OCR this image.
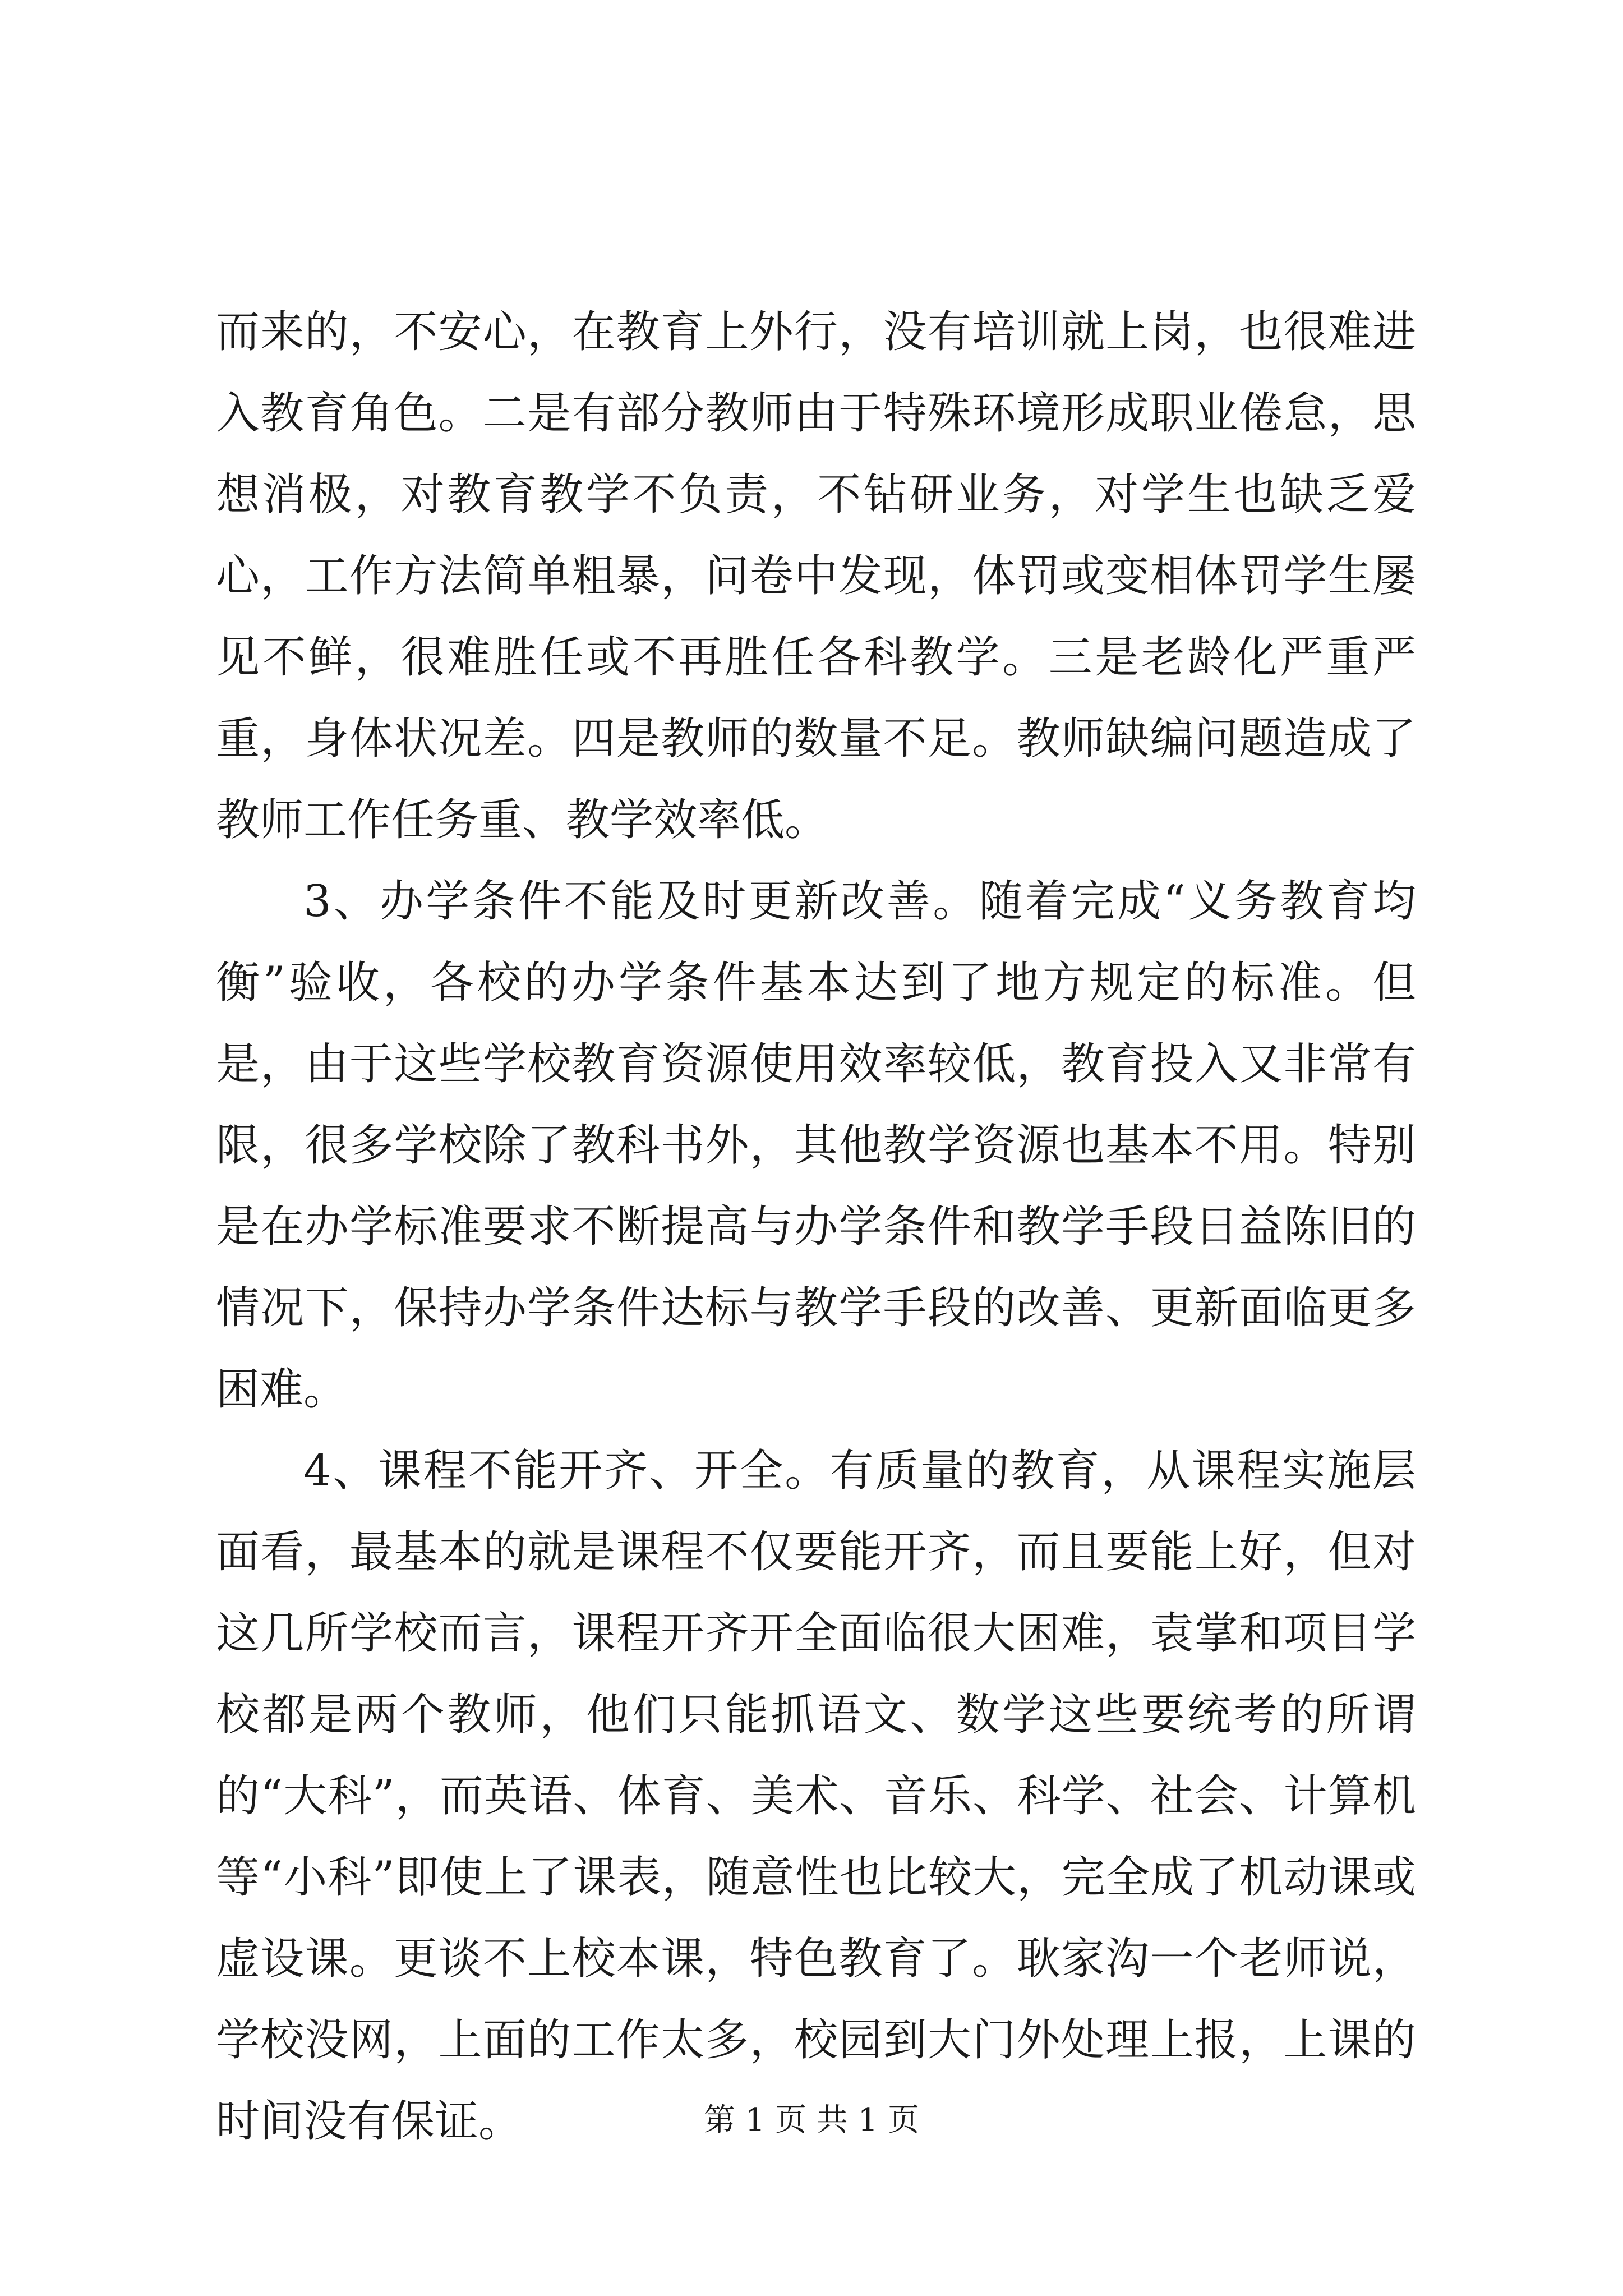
而来的，不安心，在教育上外行，没有培训就上岗，也很难进入教育角色。二是有部分教师由于特殊环境形成职业倦怠，思想消极，对教育教学不负责，不钻研业务，对学生也缺乏爱心，工作方法简单粗暴，问卷中发现，体罚或变相体罚学生屡见不鲜，很难胜任或不再胜任各科教学。三是老龄化严重严重，身体状况差。四是教师的数量不足。教师缺编问题造成了教师工作任务重、教学效率低。

3、办学条件不能及时更新改善。随着完成“义务教育均衡”验收，各校的办学条件基本达到了地方规定的标准。但是，由于这些学校教育资源使用效率较低，教育投入又非常有限，很多学校除了教科书外，其他教学资源也基本不用。特别是在办学标准要求不断提高与办学条件和教学手段日益陈旧的情况下，保持办学条件达标与教学手段的改善、更新面临更多困难。

4、课程不能开齐、开全。有质量的教育，从课程实施层面看，最基本的就是课程不仅要能开齐，而且要能上好，但对这几所学校而言，课程开齐开全面临很大困难，袁掌和项目学校都是两个教师，他们只能抓语文、数学这些要统考的所谓的“大科”，而英语、体育、美术、音乐、科学、社会、计算机等“小科”即使上了课表，随意性也比较大，完全成了机动课或虚设课。更谈不上校本课，特色教育了。耿家沟一个老师说，学校没网，上面的工作太多，校园到大门外处理上报，上课的时间没有保证。	第 1 页 共 1 页
